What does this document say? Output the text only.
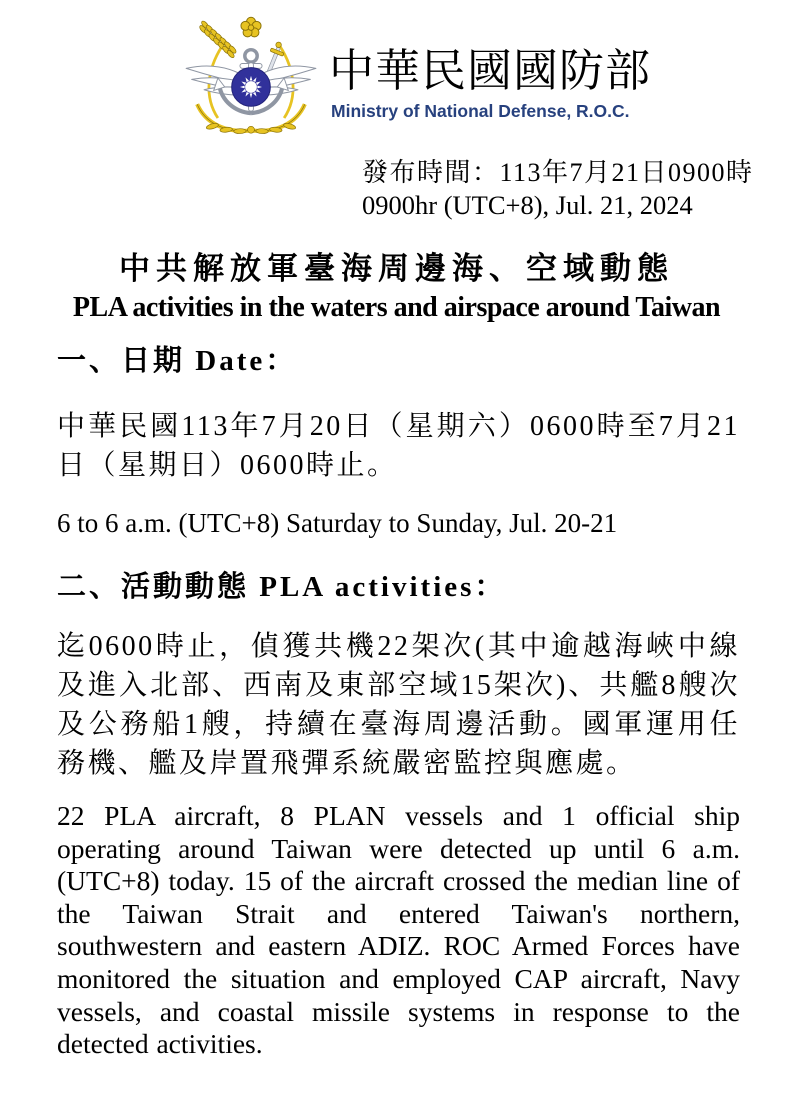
中華民國國防部
Ministry of National Defense, R.O.C.
發布時間：113年7月21日0900時
0900hr (UTC+8), Jul. 21, 2024
中共解放軍臺海周邊海、空域動態
PLA activities in the waters and airspace around Taiwan
一、日期 Date：

中華民國113年7月20日（星期六）0600時至7月21日（星期日）0600時止。

6 to 6 a.m. (UTC+8) Saturday to Sunday, Jul. 20-21

二、活動動態 PLA activities：

迄0600時止，偵獲共機22架次(其中逾越海峽中線及進入北部、西南及東部空域15架次)、共艦8艘次及公務船1艘，持續在臺海周邊活動。國軍運用任務機、艦及岸置飛彈系統嚴密監控與應處。

22 PLA aircraft, 8 PLAN vessels and 1 official ship operating around Taiwan were detected up until 6 a.m. (UTC+8) today. 15 of the aircraft crossed the median line of the Taiwan Strait and entered Taiwan's northern, southwestern and eastern ADIZ. ROC Armed Forces have monitored the situation and employed CAP aircraft, Navy vessels, and coastal missile systems in response to the detected activities.
